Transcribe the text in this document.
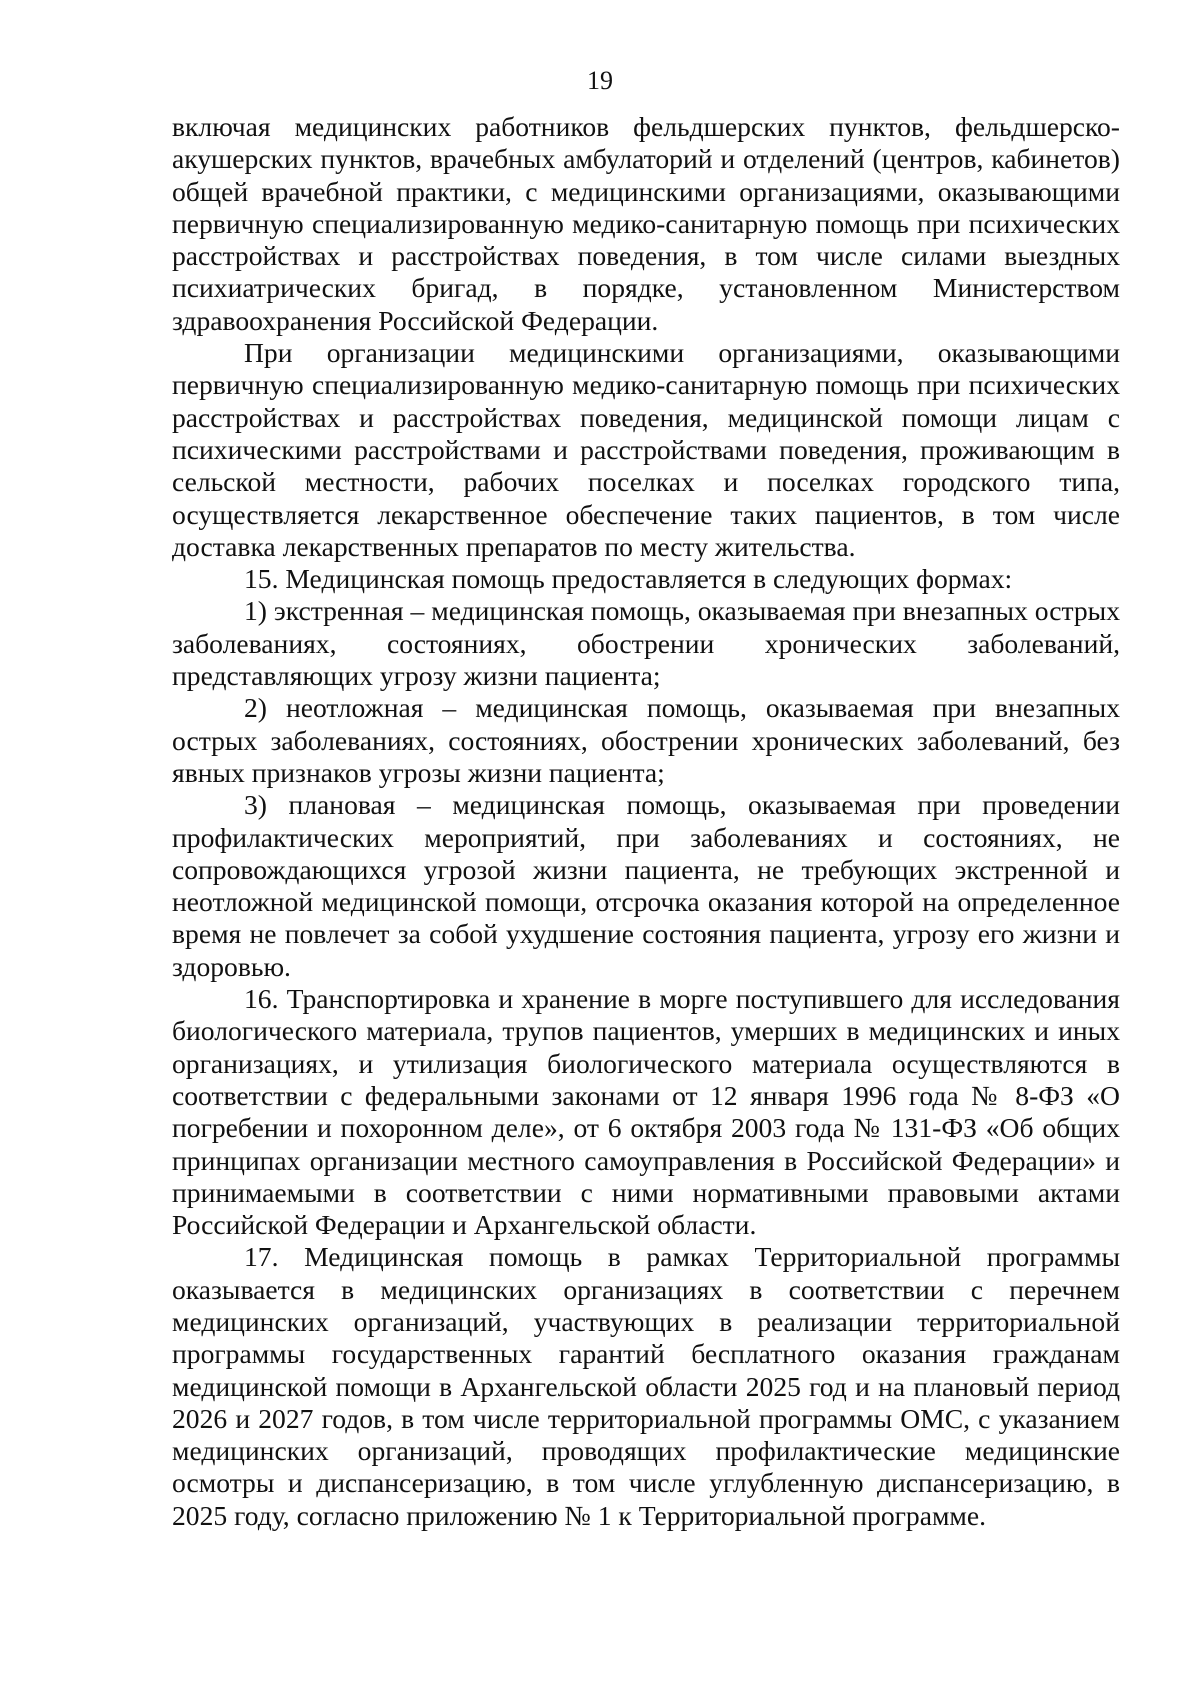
19

включая медицинских работников фельдшерских пунктов, фельдшерско-акушерских пунктов, врачебных амбулаторий и отделений (центров, кабинетов) общей врачебной практики, с медицинскими организациями, оказывающими первичную специализированную медико-санитарную помощь при психических расстройствах и расстройствах поведения, в том числе силами выездных психиатрических бригад, в порядке, установленном Министерством здравоохранения Российской Федерации.

При организации медицинскими организациями, оказывающими первичную специализированную медико-санитарную помощь при психических расстройствах и расстройствах поведения, медицинской помощи лицам с психическими расстройствами и расстройствами поведения, проживающим в сельской местности, рабочих поселках и поселках городского типа, осуществляется лекарственное обеспечение таких пациентов, в том числе доставка лекарственных препаратов по месту жительства.

15. Медицинская помощь предоставляется в следующих формах:

1) экстренная – медицинская помощь, оказываемая при внезапных острых заболеваниях, состояниях, обострении хронических заболеваний, представляющих угрозу жизни пациента;

2) неотложная – медицинская помощь, оказываемая при внезапных острых заболеваниях, состояниях, обострении хронических заболеваний, без явных признаков угрозы жизни пациента;

3) плановая – медицинская помощь, оказываемая при проведении профилактических мероприятий, при заболеваниях и состояниях, не сопровождающихся угрозой жизни пациента, не требующих экстренной и неотложной медицинской помощи, отсрочка оказания которой на определенное время не повлечет за собой ухудшение состояния пациента, угрозу его жизни и здоровью.

16. Транспортировка и хранение в морге поступившего для исследования биологического материала, трупов пациентов, умерших в медицинских и иных организациях, и утилизация биологического материала осуществляются в соответствии с федеральными законами от 12 января 1996 года № 8-ФЗ «О погребении и похоронном деле», от 6 октября 2003 года № 131-ФЗ «Об общих принципах организации местного самоуправления в Российской Федерации» и принимаемыми в соответствии с ними нормативными правовыми актами Российской Федерации и Архангельской области.

17. Медицинская помощь в рамках Территориальной программы оказывается в медицинских организациях в соответствии с перечнем медицинских организаций, участвующих в реализации территориальной программы государственных гарантий бесплатного оказания гражданам медицинской помощи в Архангельской области 2025 год и на плановый период 2026 и 2027 годов, в том числе территориальной программы ОМС, с указанием медицинских организаций, проводящих профилактические медицинские осмотры и диспансеризацию, в том числе углубленную диспансеризацию, в 2025 году, согласно приложению № 1 к Территориальной программе.
